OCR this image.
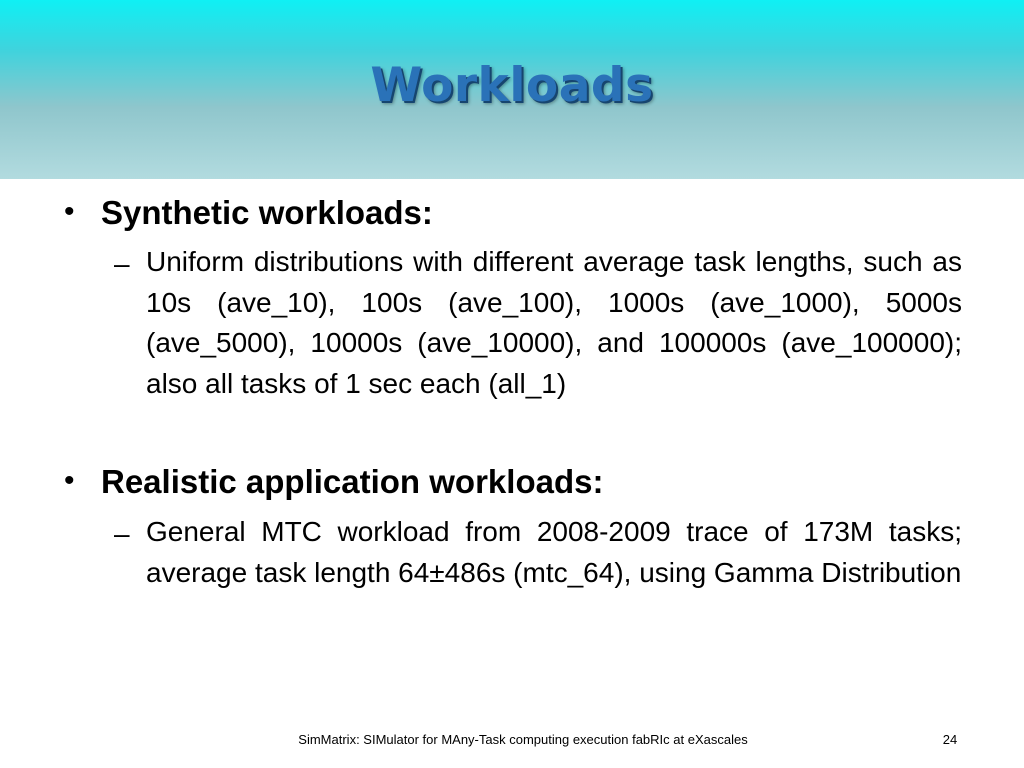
Workloads
• Synthetic workloads:
– Uniform distributions with different average task lengths, such as 10s (ave_10), 100s (ave_100), 1000s (ave_1000), 5000s (ave_5000), 10000s (ave_10000), and 100000s (ave_100000); also all tasks of 1 sec each (all_1)
• Realistic application workloads:
– General MTC workload from 2008-2009 trace of 173M tasks; average task length 64±486s (mtc_64), using Gamma Distribution
SimMatrix: SIMulator for MAny-Task computing execution fabRIc at eXascales	24
